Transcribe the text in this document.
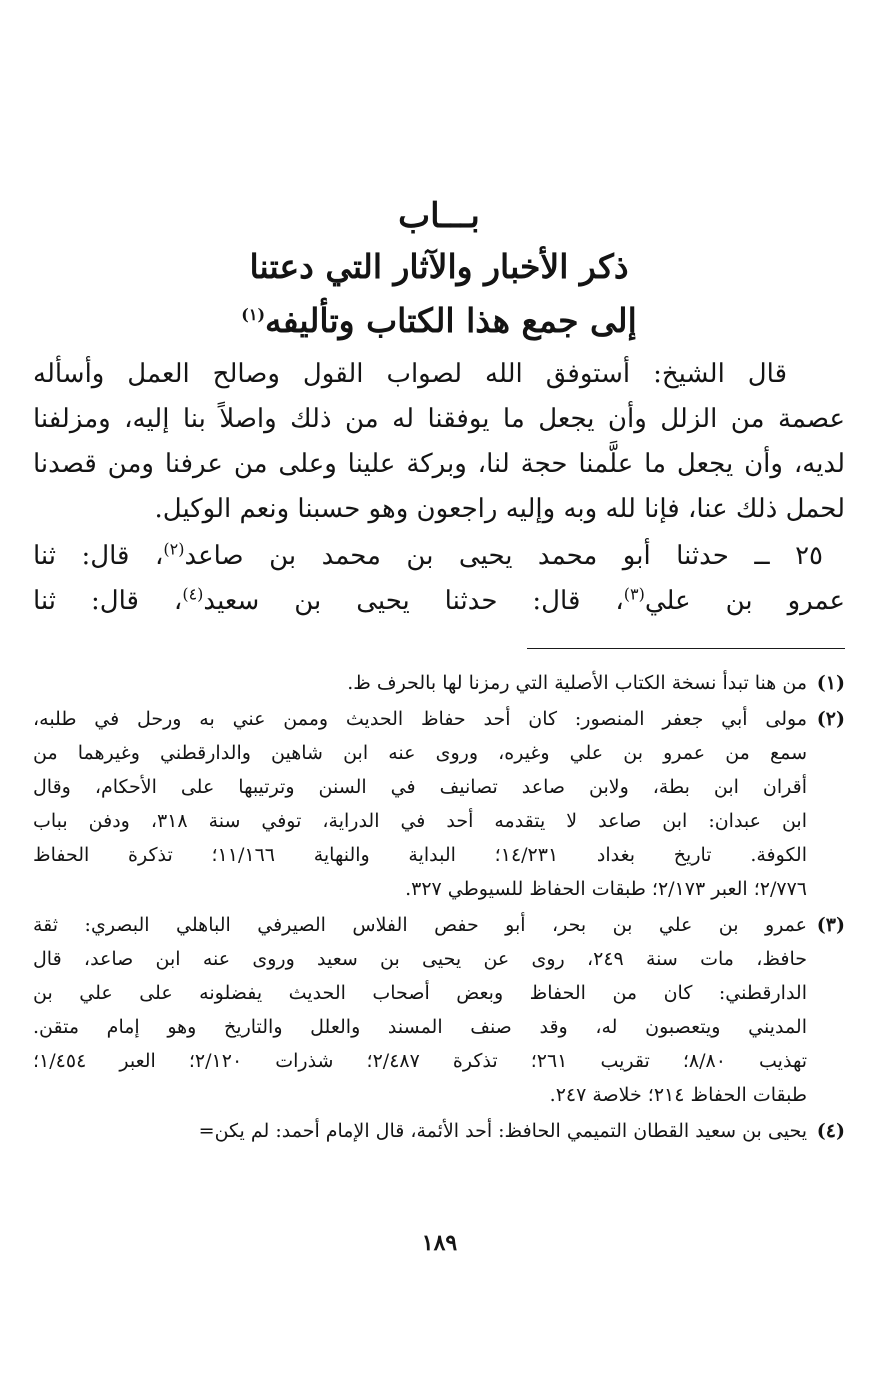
بـــاب
ذكر الأخبار والآثار التي دعتنا
إلى جمع هذا الكتاب وتأليفه$^{(١)}$
قال الشيخ: أستوفق الله لصواب القول وصالح العمل وأسأله
عصمة من الزلل وأن يجعل ما يوفقنا له من ذلك واصلاً بنا إليه، ومزلفنا
لديه، وأن يجعل ما علَّمنا حجة لنا، وبركة علينا وعلى من عرفنا ومن قصدنا
لحمل ذلك عنا، فإنا لله وبه وإليه راجعون وهو حسبنا ونعم الوكيل.
٢٥ ــ حدثنا أبو محمد يحيى بن محمد بن صاعد$^{(٢)}$، قال: ثنا
عمرو بن علي$^{(٣)}$، قال: حدثنا يحيى بن سعيد$^{(٤)}$، قال: ثنا
(١)
من هنا تبدأ نسخة الكتاب الأصلية التي رمزنا لها بالحرف ظ.
(٢)
مولى أبي جعفر المنصور: كان أحد حفاظ الحديث وممن عني به ورحل في طلبه،
سمع من عمرو بن علي وغيره، وروى عنه ابن شاهين والدارقطني وغيرهما من
أقران ابن بطة، ولابن صاعد تصانيف في السنن وترتيبها على الأحكام، وقال
ابن عبدان: ابن صاعد لا يتقدمه أحد في الدراية، توفي سنة ٣١٨، ودفن بباب
الكوفة. تاريخ بغداد ١٤/٢٣١؛ البداية والنهاية ١١/١٦٦؛ تذكرة الحفاظ
٢/٧٧٦؛ العبر ٢/١٧٣؛ طبقات الحفاظ للسيوطي ٣٢٧.
(٣)
عمرو بن علي بن بحر، أبو حفص الفلاس الصيرفي الباهلي البصري: ثقة
حافظ، مات سنة ٢٤٩، روى عن يحيى بن سعيد وروى عنه ابن صاعد، قال
الدارقطني: كان من الحفاظ وبعض أصحاب الحديث يفضلونه على علي بن
المديني ويتعصبون له، وقد صنف المسند والعلل والتاريخ وهو إمام متقن.
تهذيب ٨/٨٠؛ تقريب ٢٦١؛ تذكرة ٢/٤٨٧؛ شذرات ٢/١٢٠؛ العبر ١/٤٥٤؛
طبقات الحفاظ ٢١٤؛ خلاصة ٢٤٧.
(٤)
يحيى بن سعيد القطان التميمي الحافظ: أحد الأئمة، قال الإمام أحمد: لم يكن=
١٨٩
